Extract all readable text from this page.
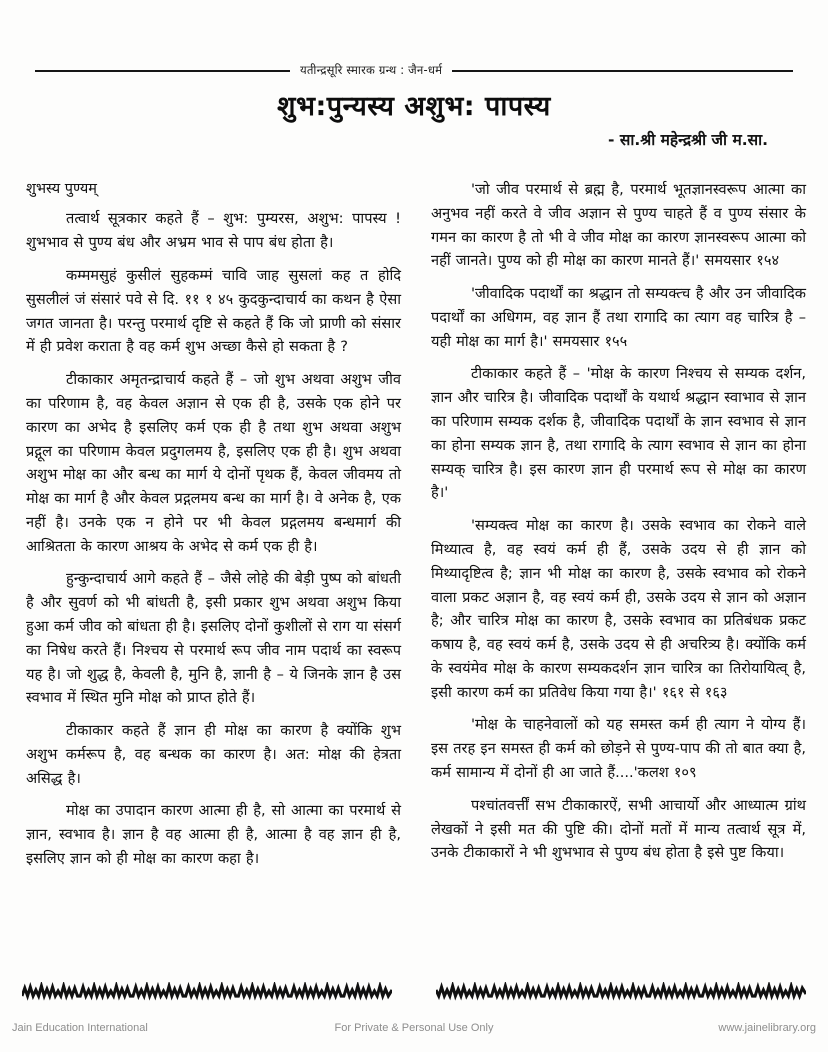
यतीन्द्रसूरि स्मारक ग्रन्थ : जैन-धर्म
शुभ:पुन्यस्य अशुभ: पापस्य
- सा.श्री महेन्द्रश्री जी म.सा.
शुभस्य पुण्यम्

तत्वार्थ सूत्रकार कहते हैं – शुभ: पुम्यरस, अशुभ: पापस्य ! शुभभाव से पुण्य बंध और अभ्रम भाव से पाप बंध होता है।

कम्ममसुहं कुसीलं सुहकम्मं चावि जाह सुसलां कह त होदि सुसलीलं जं संसारं पवे से दि. ११ १ ४५ कुदकुन्दाचार्य का कथन है ऐसा जगत जानता है। परन्तु परमार्थ दृष्टि से कहते हैं कि जो प्राणी को संसार में ही प्रवेश कराता है वह कर्म शुभ अच्छा कैसे हो सकता है ?

टीकाकार अमृतन्द्राचार्य कहते हैं – जो शुभ अथवा अशुभ जीव का परिणाम है, वह केवल अज्ञान से एक ही है, उसके एक होने पर कारण का अभेद है इसलिए कर्म एक ही है तथा शुभ अथवा अशुभ प्रद्गूल का परिणाम केवल प्रदुगलमय है, इसलिए एक ही है। शुभ अथवा अशुभ मोक्ष का और बन्ध का मार्ग ये दोनों पृथक हैं, केवल जीवमय तो मोक्ष का मार्ग है और केवल प्रद्गलमय बन्ध का मार्ग है। वे अनेक है, एक नहीं है। उनके एक न होने पर भी केवल प्रद्गलमय बन्धमार्ग की आश्रितता के कारण आश्रय के अभेद से कर्म एक ही है।

हुन्कुन्दाचार्य आगे कहते हैं – जैसे लोहे की बेड़ी पुष्प को बांधती है और सुवर्ण को भी बांधती है, इसी प्रकार शुभ अथवा अशुभ किया हुआ कर्म जीव को बांधता ही है। इसलिए दोनों कुशीलों से राग या संसर्ग का निषेध करते हैं। निश्चय से परमार्थ रूप जीव नाम पदार्थ का स्वरूप यह है। जो शुद्ध है, केवली है, मुनि है, ज्ञानी है – ये जिनके ज्ञान है उस स्वभाव में स्थित मुनि मोक्ष को प्राप्त होते हैं।

टीकाकार कहते हैं ज्ञान ही मोक्ष का कारण है क्योंकि शुभ अशुभ कर्मरूप है, वह बन्धक का कारण है। अत: मोक्ष की हेत्रता असिद्ध है।

मोक्ष का उपादान कारण आत्मा ही है, सो आत्मा का परमार्थ से ज्ञान, स्वभाव है। ज्ञान है वह आत्मा ही है, आत्मा है वह ज्ञान ही है, इसलिए ज्ञान को ही मोक्ष का कारण कहा है।

'जो जीव परमार्थ से ब्रह्म है, परमार्थ भूतज्ञानस्वरूप आत्मा का अनुभव नहीं करते वे जीव अज्ञान से पुण्य चाहते हैं व पुण्य संसार के गमन का कारण है तो भी वे जीव मोक्ष का कारण ज्ञानस्वरूप आत्मा को नहीं जानते। पुण्य को ही मोक्ष का कारण मानते हैं।' समयसार १५४

'जीवादिक पदार्थों का श्रद्धान तो सम्यक्त्च है और उन जीवादिक पदार्थों का अधिगम, वह ज्ञान हैं तथा रागादि का त्याग वह चारित्र है – यही मोक्ष का मार्ग है।' समयसार १५५

टीकाकार कहते हैं – 'मोक्ष के कारण निश्चय से सम्यक दर्शन, ज्ञान और चारित्र है। जीवादिक पदार्थों के यथार्थ श्रद्धान स्वाभाव से ज्ञान का परिणाम सम्यक दर्शक है, जीवादिक पदार्थों के ज्ञान स्वभाव से ज्ञान का होना सम्यक ज्ञान है, तथा रागादि के त्याग स्वभाव से ज्ञान का होना सम्यक् चारित्र है। इस कारण ज्ञान ही परमार्थ रूप से मोक्ष का कारण है।'

'सम्यक्त्व मोक्ष का कारण है। उसके स्वभाव का रोकने वाले मिथ्यात्व है, वह स्वयं कर्म ही हैं, उसके उदय से ही ज्ञान को मिथ्यादृष्टित्व है; ज्ञान भी मोक्ष का कारण है, उसके स्वभाव को रोकने वाला प्रकट अज्ञान है, वह स्वयं कर्म ही, उसके उदय से ज्ञान को अज्ञान है; और चारित्र मोक्ष का कारण है, उसके स्वभाव का प्रतिबंधक प्रकट कषाय है, वह स्वयं कर्म है, उसके उदय से ही अचरित्र्य है। क्योंकि कर्म के स्वयंमेव मोक्ष के कारण सम्यकदर्शन ज्ञान चारित्र का तिरोयायित्व् है, इसी कारण कर्म का प्रतिवेध किया गया है।' १६१ से १६३

'मोक्ष के चाहनेवालों को यह समस्त कर्म ही त्याग ने योग्य हैं। इस तरह इन समस्त ही कर्म को छोड़ने से पुण्य-पाप की तो बात क्या है, कर्म सामान्य में दोनों ही आ जाते हैं....'कलश १०९

पश्चांतवर्त्तीं सभ टीकाकारऐं, सभी आचार्यो और आध्यात्म ग्रांथ लेखकों ने इसी मत की पुष्टि की। दोनों मतों में मान्य तत्वार्थ सूत्र में, उनके टीकाकारों ने भी शुभभाव से पुण्य बंध होता है इसे पुष्ट किया।

Jain Education International	For Private & Personal Use Only	www.jainelibrary.org
